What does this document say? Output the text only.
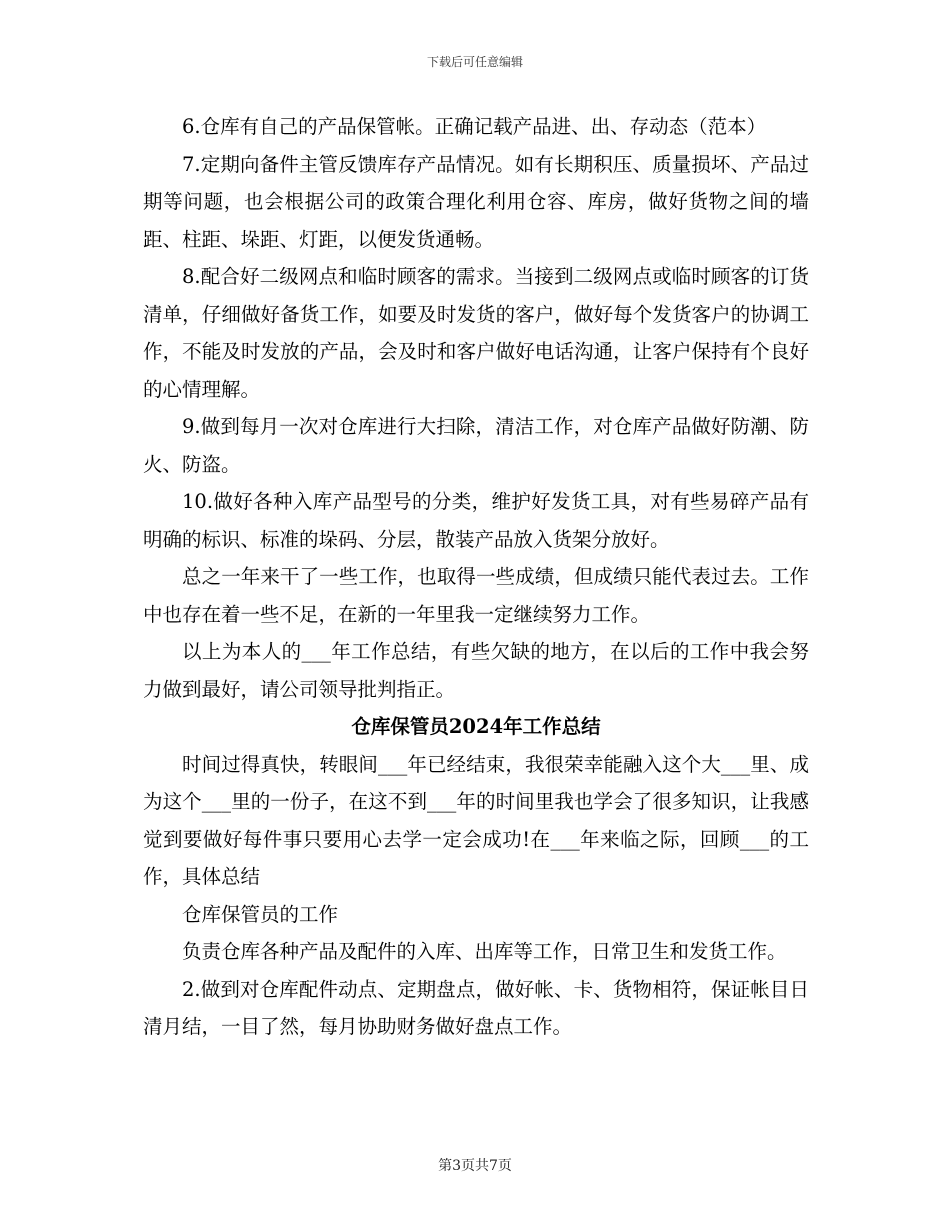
下载后可任意编辑

6.仓库有自己的产品保管帐。正确记载产品进、出、存动态（范本）

7.定期向备件主管反馈库存产品情况。如有长期积压、质量损坏、产品过期等问题，也会根据公司的政策合理化利用仓容、库房，做好货物之间的墙距、柱距、垛距、灯距，以便发货通畅。

8.配合好二级网点和临时顾客的需求。当接到二级网点或临时顾客的订货清单，仔细做好备货工作，如要及时发货的客户，做好每个发货客户的协调工作，不能及时发放的产品，会及时和客户做好电话沟通，让客户保持有个良好的心情理解。

9.做到每月一次对仓库进行大扫除，清洁工作，对仓库产品做好防潮、防火、防盗。

10.做好各种入库产品型号的分类，维护好发货工具，对有些易碎产品有明确的标识、标准的垛码、分层，散装产品放入货架分放好。

总之一年来干了一些工作，也取得一些成绩，但成绩只能代表过去。工作中也存在着一些不足，在新的一年里我一定继续努力工作。

以上为本人的___年工作总结，有些欠缺的地方，在以后的工作中我会努力做到最好，请公司领导批判指正。

仓库保管员2024年工作总结

时间过得真快，转眼间___年已经结束，我很荣幸能融入这个大___里、成为这个___里的一份子，在这不到___年的时间里我也学会了很多知识，让我感觉到要做好每件事只要用心去学一定会成功!在___年来临之际，回顾___的工作，具体总结

仓库保管员的工作

负责仓库各种产品及配件的入库、出库等工作，日常卫生和发货工作。

2.做到对仓库配件动点、定期盘点，做好帐、卡、货物相符，保证帐目日清月结，一目了然，每月协助财务做好盘点工作。

第3页共7页
